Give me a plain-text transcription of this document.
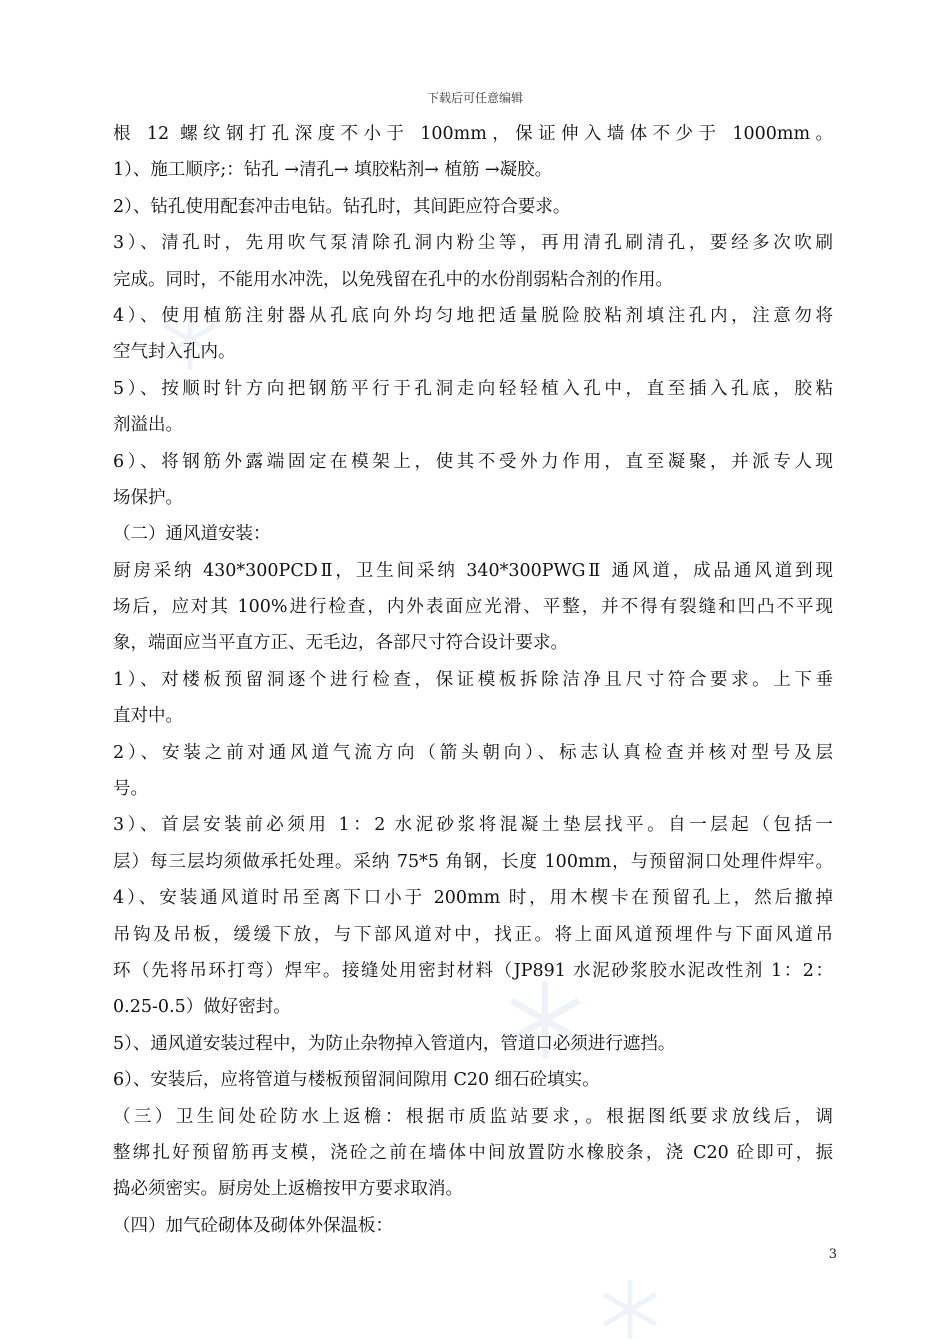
下载后可任意编辑
根 12 螺纹钢打孔深度不小于 100mm，保证伸入墙体不少于 1000mm。
1）、施工顺序;：钻孔 →清孔→ 填胶粘剂→ 植筋 →凝胶。
2）、钻孔使用配套冲击电钻。钻孔时，其间距应符合要求。
3）、清孔时，先用吹气泵清除孔洞内粉尘等，再用清孔刷清孔，要经多次吹刷
完成。同时，不能用水冲洗，以免残留在孔中的水份削弱粘合剂的作用。
4）、使用植筋注射器从孔底向外均匀地把适量脱险胶粘剂填注孔内，注意勿将
空气封入孔内。
5）、按顺时针方向把钢筋平行于孔洞走向轻轻植入孔中，直至插入孔底，胶粘
剂溢出。
6）、将钢筋外露端固定在模架上，使其不受外力作用，直至凝聚，并派专人现
场保护。
（二）通风道安装：
厨房采纳 430*300PCDⅡ，卫生间采纳 340*300PWGⅡ 通风道，成品通风道到现
场后，应对其 100%进行检查，内外表面应光滑、平整，并不得有裂缝和凹凸不平现
象，端面应当平直方正、无毛边，各部尺寸符合设计要求。
1）、对楼板预留洞逐个进行检查，保证模板拆除洁净且尺寸符合要求。上下垂
直对中。
2）、安装之前对通风道气流方向（箭头朝向）、标志认真检查并核对型号及层
号。
3）、首层安装前必须用 1：2 水泥砂浆将混凝土垫层找平。自一层起（包括一
层）每三层均须做承托处理。采纳 75*5 角钢，长度 100mm，与预留洞口处理件焊牢。
4）、安装通风道时吊至离下口小于 200mm 时，用木楔卡在预留孔上，然后撤掉
吊钩及吊板，缓缓下放，与下部风道对中，找正。将上面风道预埋件与下面风道吊
环（先将吊环打弯）焊牢。接缝处用密封材料（JP891 水泥砂浆胶水泥改性剂 1：2：
0.25-0.5）做好密封。
5）、通风道安装过程中，为防止杂物掉入管道内，管道口必须进行遮挡。
6）、安装后，应将管道与楼板预留洞间隙用 C20 细石砼填实。
（三）卫生间处砼防水上返檐：根据市质监站要求，。根据图纸要求放线后，调
整绑扎好预留筋再支模，浇砼之前在墙体中间放置防水橡胶条，浇 C20 砼即可，振
捣必须密实。厨房处上返檐按甲方要求取消。
（四）加气砼砌体及砌体外保温板：
3
